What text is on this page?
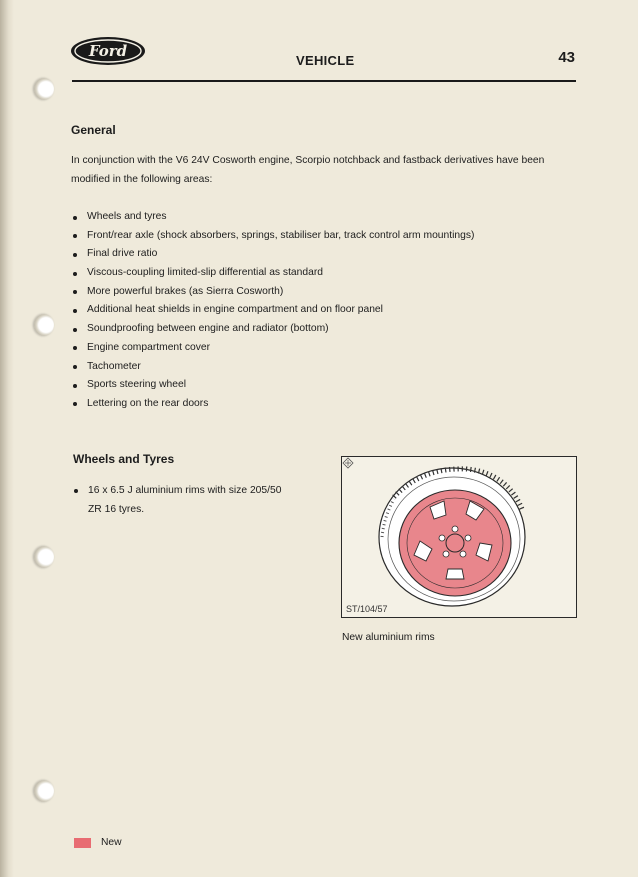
Ford
VEHICLE	43
General
In conjunction with the V6 24V Cosworth engine, Scorpio notchback and fastback derivatives have been modified in the following areas:
Wheels and tyres
Front/rear axle (shock absorbers, springs, stabiliser bar, track control arm mountings)
Final drive ratio
Viscous-coupling limited-slip differential as standard
More powerful brakes (as Sierra Cosworth)
Additional heat shields in engine compartment and on floor panel
Soundproofing between engine and radiator (bottom)
Engine compartment cover
Tachometer
Sports steering wheel
Lettering on the rear doors
Wheels and Tyres
16 x 6.5 J aluminium rims with size 205/50 ZR 16 tyres.
ST/104/57
New aluminium rims
New
